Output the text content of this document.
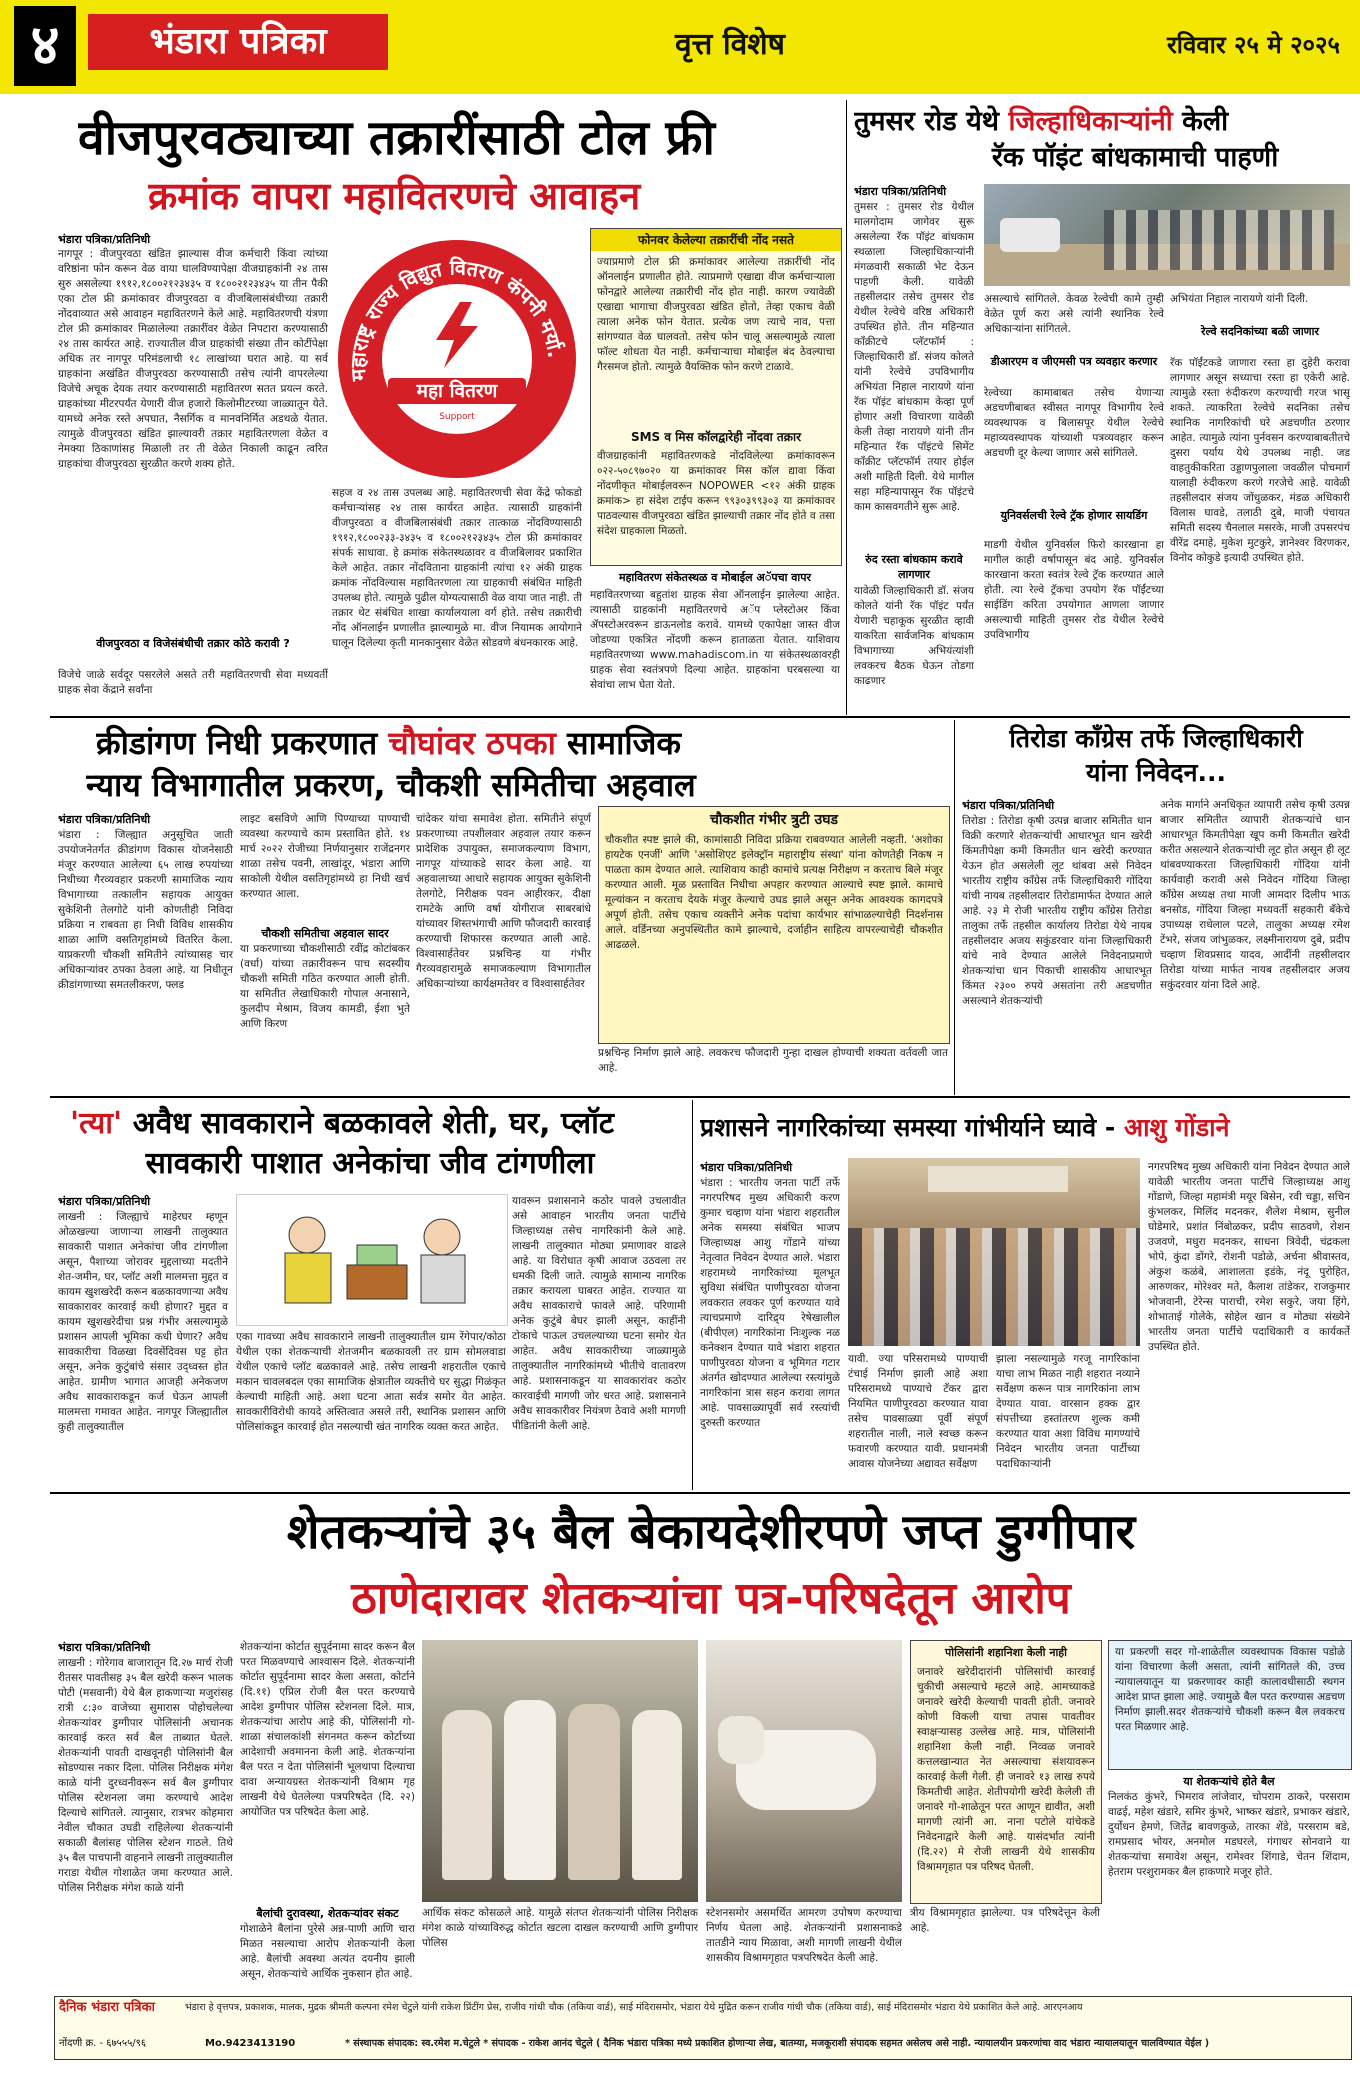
४	भंडारा पत्रिका	वृत्त विशेष	रविवार २५ मे २०२५
वीजपुरवठ्याच्या तक्रारींसाठी टोल फ्री
क्रमांक वापरा महावितरणचे आवाहन
भंडारा पत्रिका/प्रतिनिधी
नागपूर : वीजपुरवठा खंडित झाल्यास वीज कर्मचारी किंवा त्यांच्या वरिष्ठांना फोन करून वेळ वाया घालविण्यापेक्षा वीजग्राहकांनी २४ तास सुरु असलेल्या १९१२,१८००२१२३४३५ व १८००२१२३४३५ या तीन पैकी एका टोल फ्री क्रमांकावर वीजपुरवठा व वीजबिलासंबंधीच्या तक्रारी नोंदवाव्यात असे आवाहन महावितरणने केले आहे. महावितरणची यंत्रणा टोल फ्री क्रमांकावर मिळालेल्या तक्रारींवर वेळेत निपटारा करण्यासाठी २४ तास कार्यरत आहे. राज्यातील वीज ग्राहकांची संख्या तीन कोटींपेक्षा अधिक तर नागपूर परिमंडलाची १८ लाखांच्या घरात आहे. या सर्व ग्राहकांना अखंडित वीजपुरवठा करण्यासाठी तसेच त्यांनी वापरलेल्या विजेचे अचूक देयक तयार करण्यासाठी महावितरण सतत प्रयत्न करते. ग्राहकांच्या मीटरपर्यंत येणारी वीज हजारो किलोमीटरच्या जाळ्यातून येते. यामध्ये अनेक रस्ते अपघात, नैसर्गिक व मानवनिर्मित अडथळे येतात. त्यामुळे वीजपुरवठा खंडित झाल्यावरी तक्रार महावितरणला वेळेत व नेमक्या ठिकाणांसह मिळाली तर ती वेळेत निकाली काढून त्वरित ग्राहकांचा वीजपुरवठा सुरळीत करणे शक्य होते.
वीजपुरवठा व विजेसंबंधीची तक्रार कोठे करावी ?
विजेचे जाळे सर्वदूर पसरलेले असते तरी महावितरणची सेवा मध्यवर्ती ग्राहक सेवा केंद्राने सर्वांना
महाराष्ट्र राज्य विद्युत वितरण कंपनी मर्या.
महा वितरण
Support
सहज व २४ तास उपलब्ध आहे. महावितरणची सेवा केंद्रे फोकडो कर्मचाऱ्यांसह २४ तास कार्यरत आहेत. त्यासाठी ग्राहकांनी वीजपुरवठा व वीजबिलासंबंधी तक्रार तात्काळ नोंदविण्यासाठी १९१२,१८००२३३-३४३५ व १८००२१२३४३५ टोल फ्री क्रमांकावर संपर्क साधावा. हे क्रमांक संकेतस्थळावर व वीजबिलावर प्रकाशित केले आहेत. तक्रार नोंदविताना ग्राहकांनी त्यांचा १२ अंकी ग्राहक क्रमांक नोंदविल्यास महावितरणला त्या ग्राहकाची संबंधित माहिती उपलब्ध होते. त्यामुळे पुढील योग्यत्यासाठी वेळ वाया जात नाही. ती तक्रार थेट संबंधित शाखा कार्यालयाला वर्ग होते. तसेच तक्रारीची नोंद ऑनलाईन प्रणालीत झाल्यामुळे मा. वीज नियामक आयोगाने घालून दिलेल्या कृती मानकानुसार वेळेत सोडवणे बंधनकारक आहे.
फोनवर केलेल्या तक्रारींची नोंद नसते
ज्याप्रमाणे टोल फ्री क्रमांकावर आलेल्या तक्रारींची नोंद ऑनलाईन प्रणालीत होते. त्याप्रमाणे एखाद्या वीज कर्मचाऱ्याला फोनद्वारे आलेल्या तक्रारीची नोंद होत नाही. कारण ज्यावेळी एखाद्या भागाचा वीजपुरवठा खंडित होतो, तेव्हा एकाच वेळी त्याला अनेक फोन येतात. प्रत्येक जण त्याचे नाव, पत्ता सांगण्यात वेळ घालवतो. तसेच फोन चालू असल्यामुळे त्याला फॉल्ट शोधता येत नाही. कर्मचाऱ्याचा मोबाईल बंद ठेवल्याचा गैरसमज होतो. त्यामुळे वैयक्तिक फोन करणे टाळावे.
SMS व मिस कॉलद्वारेही नोंदवा तक्रार
वीजग्राहकांनी महावितरणकडे नोंदविलेल्या क्रमांकावरून ०२२-५०८९७०२० या क्रमांकावर मिस कॉल द्यावा किंवा नोंदणीकृत मोबाईलवरून NOPOWER <१२ अंकी ग्राहक क्रमांक> हा संदेश टाईप करून ९९३०३९९३०३ या क्रमांकावर पाठवल्यास वीजपुरवठा खंडित झाल्याची तक्रार नोंद होते व तसा संदेश ग्राहकाला मिळतो.
महावितरण संकेतस्थळ व मोबाईल अॅपचा वापर
महावितरणच्या बहुतांश ग्राहक सेवा ऑनलाईन झालेल्या आहेत. त्यासाठी ग्राहकांनी महावितरणचे अॅप प्लेस्टोअर किंवा ॲपस्टोअरवरून डाऊनलोड करावे. यामध्ये एकापेक्षा जास्त वीज जोडण्या एकत्रित नोंदणी करून हाताळता येतात. याशिवाय महावितरणच्या www.mahadiscom.in या संकेतस्थळावरही ग्राहक सेवा स्वतंत्रपणे दिल्या आहेत. ग्राहकांना घरबसल्या या सेवांचा लाभ घेता येतो.
तुमसर रोड येथे जिल्हाधिकाऱ्यांनी केली
रॅक पॉइंट बांधकामाची पाहणी
भंडारा पत्रिका/प्रतिनिधी
तुमसर : तुमसर रोड येथील मालगोदाम जागेवर सुरू असलेल्या रॅक पॉइंट बांधकाम स्थळाला जिल्हाधिकाऱ्यांनी मंगळवारी सकाळी भेट देऊन पाहणी केली. यावेळी तहसीलदार तसेच तुमसर रोड येथील रेल्वेचे वरिष्ठ अधिकारी उपस्थित होते. तीन महिन्यात कॉंक्रीटचे प्लॅटफॉर्म : जिल्हाधिकारी डॉ. संजय कोलते यांनी रेल्वेचे उपविभागीय अभियंता निहाल नारायणे यांना रॅक पॉइंट बांधकाम केव्हा पूर्ण होणार अशी विचारणा यावेळी केली तेव्हा नारायणे यांनी तीन महिन्यात रॅक पॉइंटचे सिमेंट कॉंक्रीट प्लॅटफॉर्म तयार होईल अशी माहिती दिली. येथे मागील सहा महिन्यापासून रॅक पॉइंटचे काम कासवगतीने सुरू आहे.
रुंद रस्ता बांधकाम करावे लागणार
यावेळी जिल्हाधिकारी डॉ. संजय कोलते यांनी रॅक पॉइंट पर्यंत येणारी चहाकूक सुरळीत व्हावी याकरिता सार्वजनिक बांधकाम विभागाच्या अभियंत्यांशी लवकरच बैठक घेऊन तोडगा काढणार
असल्याचे सांगितले. केवळ रेल्वेची कामे तुम्ही वेळेत पूर्ण करा असे त्यांनी स्थानिक रेल्वे अधिकाऱ्यांना सांगितले.
डीआरएम व जीएमसी पत्र व्यवहार करणार
रेल्वेच्या कामाबाबत तसेच येणाऱ्या अडचणीबाबत स्वीसत नागपूर विभागीय रेल्वे व्यवस्थापक व बिलासपूर येथील रेल्वेचे महाव्यवस्थापक यांच्याशी पत्रव्यवहार करून अडचणी दूर केल्या जाणार असे सांगितले.
युनिवर्सलची रेल्वे ट्रॅक होणार सायडिंग
माडगी येथील युनिवर्सल फिरो कारखाना हा मागील काही वर्षापासून बंद आहे. युनिवर्सल कारखाना करता स्वतंत्र रेल्वे ट्रॅक करण्यात आले होती. त्या रेल्वे ट्रॅकचा उपयोग रॅक पॉईंटच्या साईडिंग करिता उपयोगात आणला जाणार असल्याची माहिती तुमसर रोड येथील रेल्वेचे उपविभागीय
अभियंता निहाल नारायणे यांनी दिली.
रेल्वे सदनिकांच्या बळी जाणार
रॅक पॉईंटकडे जाणारा रस्ता हा दुहेरी करावा लागणार असून सध्याचा रस्ता हा एकेरी आहे. त्यामुळे रस्ता रुंदीकरण करण्याची गरज भासू शकते. त्याकरिता रेल्वेचे सदनिका तसेच स्थानिक नागरिकांची घरे अडचणीत ठरणार आहेत. त्यामुळे त्यांना पुर्नवसन करण्याबाबतीतचे दुसरा पर्याय येथे उपलब्ध नाही. जड वाहतुकीकरिता उड्डाणपुलाला जवळील पोचमार्ग यालाही रुंदीकरण करणे गरजेचे आहे. यावेळी तहसीलदार संजय जोंधुळकर, मंडळ अधिकारी विलास घावडे, तलाठी दुबे, माजी पंचायत समिती सदस्य चैनलाल मसरके, माजी उपसरपंच वीरेंद्र दमाहे, मुकेश मुटकुरे, ज्ञानेश्वर विरणकर, विनोद कोकुडे इत्यादी उपस्थित होते.
क्रीडांगण निधी प्रकरणात चौघांवर ठपका सामाजिक
न्याय विभागातील प्रकरण, चौकशी समितीचा अहवाल
भंडारा पत्रिका/प्रतिनिधी
भंडारा : जिल्ह्यात अनुसूचित जाती उपयोजनेतर्गत क्रीडांगण विकास योजनेसाठी मंजूर करण्यात आलेल्या ६५ लाख रुपयांच्या निधीच्या गैरव्यवहार प्रकरणी सामाजिक न्याय विभागाच्या तत्कालीन सहायक आयुक्त सुकेशिनी तेलगोटे यांनी कोणतीही निविदा प्रक्रिया न राबवता हा निधी विविध शासकीय शाळा आणि वसतिगृहांमध्ये वितरित केला. याप्रकरणी चौकशी समितीने त्यांच्यासह चार अधिकाऱ्यांवर ठपका ठेवला आहे. या निधीतून क्रीडांगणाच्या समतलीकरण, फ्लड
लाइट बसविणे आणि पिण्याच्या पाण्याची व्यवस्था करण्याचे काम प्रस्तावित होते. १४ मार्च २०२२ रोजीच्या निर्णयानुसार राजेंद्रनगर शाळा तसेच पवनी, लाखांदूर, भंडारा आणि साकोली येथील वसतिगृहांमध्ये हा निधी खर्च करण्यात आला.
चौकशी समितीचा अहवाल सादर
या प्रकरणाच्या चौकशीसाठी रवींद्र कोटांबकर (वर्धा) यांच्या तक्रारीवरून पाच सदस्यीय चौकशी समिती गठित करण्यात आली होती. या समितीत लेखाधिकारी गोपाल अनासाने, कुलदीप मेश्राम, विजय कामडी, ईशा भुते आणि किरण
चांदेकर यांचा समावेश होता. समितीने संपूर्ण प्रकरणाच्या तपशीलवार अहवाल तयार करून प्रादेशिक उपायुक्त, समाजकल्याण विभाग, नागपूर यांच्याकडे सादर केला आहे. या अहवालाच्या आधारे सहायक आयुक्त सुकेशिनी तेलगोटे, निरीक्षक पवन आहीरकर, दीक्षा रामटेके आणि वर्षा योगीराज साबरबांधे यांच्यावर शिस्तभंगाची आणि फौजदारी कारवाई करण्याची शिफारस करण्यात आली आहे. विश्वासार्हतेवर प्रश्नचिन्ह या गंभीर गैरव्यवहारामुळे समाजकल्याण विभागातील अधिकाऱ्यांच्या कार्यक्षमतेवर व विश्वासार्हतेवर
चौकशीत गंभीर त्रुटी उघड
चौकशीत स्पष्ट झाले की, कामांसाठी निविदा प्रक्रिया राबवण्यात आलेली नव्हती. 'अशोका हायटेक एनर्जी' आणि 'असोशिएट इलेक्ट्रॉन महाराष्ट्रीय संस्था' यांना कोणतेही निकष न पाळता काम देण्यात आले. त्याशिवाय काही कामांचे प्रत्यक्ष निरीक्षण न करताच बिले मंजूर करण्यात आली. मूळ प्रस्तावित निधीचा अपहार करण्यात आल्याचे स्पष्ट झाले. कामाचे मूल्यांकन न करताच देयके मंजूर केल्याचे उघड झाले असून अनेक आवश्यक कागदपत्रे अपूर्ण होती. तसेच एकाच व्यक्तीने अनेक पदांचा कार्यभार सांभाळल्याचेही निदर्शनास आले. वर्डिनच्या अनुपस्थितीत कामे झाल्याचे, दर्जाहीन साहित्य वापरल्याचेही चौकशीत आढळले.
प्रश्नचिन्ह निर्माण झाले आहे. लवकरच फौजदारी गुन्हा दाखल होण्याची शक्यता वर्तवली जात आहे.
तिरोडा काँग्रेस तर्फे जिल्हाधिकारी
यांना निवेदन...
भंडारा पत्रिका/प्रतिनिधी
तिरोडा : तिरोडा कृषी उत्पन्न बाजार समितीत धान विक्री करणारे शेतकऱ्यांची आधारभूत धान खरेदी किंमतीपेक्षा कमी किमतीत धान खरेदी करण्यात येऊन होत असलेली लूट थांबवा असे निवेदन भारतीय राष्ट्रीय काँग्रेस तर्फे जिल्हाधिकारी गोंदिया यांची नायब तहसीलदार तिरोडामार्फत देण्यात आले आहे. २३ मे रोजी भारतीय राष्ट्रीय काँग्रेस तिरोडा तालुका तर्फे तहसील कार्यालय तिरोडा येथे नायब तहसीलदार अजय सकुंडरवार यांना जिल्हाधिकारी यांचे नावे देण्यात आलेले निवेदनाप्रमाणे शेतकऱ्यांचा धान पिकाची शासकीय आधारभूत किंमत २३०० रुपये असतांना तरी अडचणीत असल्याने शेतकऱ्यांची
अनेक मार्गाने अनधिकृत व्यापारी तसेच कृषी उत्पन्न बाजार समितीत व्यापारी शेतकऱ्यांचे धान आधारभूत किमतीपेक्षा खूप कमी किमतीत खरेदी करीत असल्याने शेतकऱ्यांची लूट होत असून ही लूट थांबवण्याकरता जिल्हाधिकारी गोंदिया यांनी कार्यवाही करावी असे निवेदन गोंदिया जिल्हा काँग्रेस अध्यक्ष तथा माजी आमदार दिलीप भाऊ बनसोड, गोंदिया जिल्हा मध्यवर्ती सहकारी बँकेचे उपाध्यक्ष राधेलाल पटले, तालुका अध्यक्ष रमेश टेंभरे, संजय जांभुळकर, लक्ष्मीनारायण दुबे, प्रदीप चव्हाण शिवप्रसाद यादव, आदींनी तहसीलदार तिरोडा यांच्या मार्फत नायब तहसीलदार अजय सकुंदरवार यांना दिले आहे.
'त्या' अवैध सावकाराने बळकावले शेती, घर, प्लॉट
सावकारी पाशात अनेकांचा जीव टांगणीला
भंडारा पत्रिका/प्रतिनिधी
लाखनी : जिल्ह्याचे माहेरघर म्हणून ओळखल्या जाणाऱ्या लाखनी तालुक्यात सावकारी पाशात अनेकांचा जीव टांगणीला असून, पैशाच्या जोरावर मुद्दलाच्या मदतीने शेत-जमीन, घर, प्लॉट अशी मालमत्ता मुद्दत व कायम खुशखरेदी करून बळकावणाऱ्या अवैध सावकारावर कारवाई कधी होणार? मुद्दत व कायम खुशखरेदीचा प्रश्न गंभीर असल्यामुळे प्रशासन आपली भूमिका कधी घेणार? अवैध सावकारीचा विळखा दिवसेंदिवस घट्ट होत असून, अनेक कुटुंबांचे संसार उद्ध्वस्त होत आहेत. ग्रामीण भागात आजही अनेकजण अवैध सावकाराकडून कर्ज घेऊन आपली मालमत्ता गमावत आहेत. नागपूर जिल्ह्यातील कुही तालुक्यातील
एका गावच्या अवैध सावकाराने लाखनी तालुक्यातील ग्राम रेंगेपार/कोठा येथील एका शेतकऱ्याची शेतजमीन बळकावली तर ग्राम सोमलवाडा येथील एकाचे प्लॉट बळकावले आहे. तसेच लाखनी शहरातील एकाचे मकान चावलबदल एका सामाजिक क्षेत्रातील व्यक्तीचे घर सुद्धा गिळंकृत केल्याची माहिती आहे. अशा घटना आता सर्वत्र समोर येत आहेत. सावकारीविरोधी कायदे अस्तित्वात असले तरी, स्थानिक प्रशासन आणि पोलिसांकडून कारवाई होत नसल्याची खंत नागरिक व्यक्त करत आहेत.
यावरून प्रशासनाने कठोर पावले उचलावीत असे आवाहन भारतीय जनता पार्टीचे जिल्हाध्यक्ष तसेच नागरिकांनी केले आहे. लाखनी तालुक्यात मोठ्या प्रमाणावर वाढले आहे. या विरोधात कृषी आवाज उठवला तर धमकी दिली जाते. त्यामुळे सामान्य नागरिक तक्रार करायला घाबरत आहेत. राज्यात या अवैध सावकाराचे फावले आहे. परिणामी अनेक कुटुंबे बेघर झाली असून, काहींनी टोकाचे पाऊल उचलल्याच्या घटना समोर येत आहेत. अवैध सावकारीच्या जाळ्यामुळे तालुक्यातील नागरिकांमध्ये भीतीचे वातावरण आहे. प्रशासनाकडून या सावकारांवर कठोर कारवाईची मागणी जोर धरत आहे. प्रशासनाने अवैध सावकारीवर नियंत्रण ठेवावे अशी मागणी पीडितांनी केली आहे.
प्रशासने नागरिकांच्या समस्या गांभीर्याने घ्यावे - आशु गोंडाने
भंडारा पत्रिका/प्रतिनिधी
भंडारा : भारतीय जनता पार्टी तर्फे नगरपरिषद मुख्य अधिकारी करण कुमार चव्हाण यांना भंडारा शहरातील अनेक समस्या संबंधित भाजप जिल्हाध्यक्ष आशु गोंडाने यांच्या नेतृत्वात निवेदन देण्यात आले. भंडारा शहरामध्ये नागरिकांच्या मूलभूत सुविधा संबंधित पाणीपुरवठा योजना लवकरात लवकर पूर्ण करण्यात यावे त्याचप्रमाणे दारिद्र्य रेषेखालील (बीपीएल) नागरिकांना निःशुल्क नळ कनेक्शन देण्यात यावे भंडारा शहरात पाणीपुरवठा योजना व भूमिगत गटार अंतर्गत खोदण्यात आलेल्या रस्त्यांमुळे नागरिकांना त्रास सहन करावा लागत आहे. पावसाळ्यापूर्वी सर्व रस्त्यांची दुरुस्ती करण्यात
यावी. ज्या परिसरामध्ये पाण्याची टंचाई निर्माण झाली आहे अशा परिसरामध्ये पाण्याचे टँकर द्वारा नियमित पाणीपुरवठा करण्यात यावा तसेच पावसाळ्या पूर्वी संपूर्ण शहरातील नाली, नाले स्वच्छ करून फवारणी करण्यात यावी. प्रधानमंत्री आवास योजनेच्या अद्यावत सर्वेक्षण
झाला नसल्यामुळे गरजू नागरिकांना याचा लाभ मिळत नाही शहरात नव्याने सर्वेक्षण करून पात्र नागरिकांना लाभ देण्यात यावा. वारसान हक्क द्वार संपत्तीच्या हस्तांतरण शुल्क कमी करण्यात यावा अशा विविध मागण्यांचे निवेदन भारतीय जनता पार्टीच्या पदाधिकाऱ्यांनी
नगरपरिषद मुख्य अधिकारी यांना निवेदन देण्यात आले यावेळी भारतीय जनता पार्टीचे जिल्हाध्यक्ष आशु गोंडाणे, जिल्हा महामंत्री मयूर बिसेन, रवी चड्डा, सचिन कुंभलकर, मिलिंद मदनकर, शैलेश मेश्राम, सुनील घोडेमारे, प्रशांत निंबोळकर, प्रदीप साठवणे, रोशन उजवणे, मधुरा मदनकर, साधना त्रिवेदी, चंद्रकला भोपे, कुंदा डोंगरे, रोशनी पडोळे, अर्चना श्रीवास्तव, अंकुश कळंबे, आशालता इडंके, नंदू पुरोहित, आरुणकर, मोरेश्वर मते, कैलाश तांडेकर, राजकुमार भोजवानी, टेरेन्स पाराची, रमेश सकुरे, जया हिंगे, शोभाताई गोलेके, सोहेल खान व मोठ्या संख्येने भारतीय जनता पार्टीचे पदाधिकारी व कार्यकर्ते उपस्थित होते.
शेतकऱ्यांचे ३५ बैल बेकायदेशीरपणे जप्त डुग्गीपार
ठाणेदारावर शेतकऱ्यांचा पत्र-परिषदेतून आरोप
भंडारा पत्रिका/प्रतिनिधी
लाखनी : गोरेगाव बाजारातून दि.२७ मार्च रोजी रीतसर पावतीसह ३५ बैल खरेदी करून भालक पोटी (मसवानी) येथे बैल हाकणाऱ्या मजुरांसह रात्री ८:३० वाजेच्या सुमारास पोहोचलेल्या शेतकऱ्यांवर डुग्गीपार पोलिसांनी अचानक कारवाई करत सर्व बैल ताब्यात घेतले. शेतकऱ्यांनी पावती दाखवूनही पोलिसांनी बैल सोडण्यास नकार दिला. पोलिस निरीक्षक मंगेश काळे यांनी दुरध्वनीवरून सर्व बैल डुग्गीपार पोलिस स्टेशनला जमा करण्याचे आदेश दिल्याचे सांगितले. त्यानुसार, रात्रभर कोहमारा नेवील चौकात उघडी राहिलेल्या शेतकऱ्यांनी सकाळी बैलांसह पोलिस स्टेशन गाठले. तिथे ३५ बैल पाचपानी वाहनाने लाखनी तालुक्यातील गराडा येथील गोशाळेत जमा करण्यात आले. पोलिस निरीक्षक मंगेश काळे यांनी
शेतकऱ्यांना कोर्टात सुपूर्दनामा सादर करून बैल परत मिळवण्याचे आश्वासन दिले. शेतकऱ्यांनी कोर्टात सुपूर्दनामा सादर केला असता, कोर्टाने (दि.११) एप्रिल रोजी बैल परत करण्याचे आदेश डुग्गीपार पोलिस स्टेशनला दिले. मात्र, शेतकऱ्यांचा आरोप आहे की, पोलिसांनी गो-शाळा संचालकांशी संगनमत करून कोर्टाच्या आदेशाची अवमानना केली आहे. शेतकऱ्यांना बैल परत न देता पोलिसांनी भूलथापा दिल्याचा दावा अन्यायग्रस्त शेतकऱ्यांनी विश्राम गृह लाखनी येथे घेतलेल्या पत्रपरिषदेत (दि. २२) आयोजित पत्र परिषदेत केला आहे.
बैलांची दुरावस्था, शेतकऱ्यांवर संकट
गोशाळेने बैलांना पुरेसे अन्न-पाणी आणि चारा मिळत नसल्याचा आरोप शेतकऱ्यांनी केला आहे. बैलांची अवस्था अत्यंत दयनीय झाली असून, शेतकऱ्यांचे आर्थिक नुकसान होत आहे.
आर्थिक संकट कोसळले आहे. यामुळे संतप्त शेतकऱ्यांनी पोलिस निरीक्षक मंगेश काळे यांच्याविरुद्ध कोर्टात खटला दाखल करण्याची आणि डुग्गीपार पोलिस
स्टेशनसमोर असमर्थित आमरण उपोषण करण्याचा निर्णय घेतला आहे. शेतकऱ्यांनी प्रशासनाकडे तातडीने न्याय मिळावा, अशी मागणी लाखनी येथील शासकीय विश्रामगृहात पत्रपरिषदेत केली आहे.
पोलिसांनी शहानिशा केली नाही
जनावरे खरेदीदारांनी पोलिसांची कारवाई चुकीची असल्याचे म्हटले आहे. आमच्याकडे जनावरे खरेदी केल्याची पावती होती. जनावरे कोणी विकली याचा तपास पावतीवर स्वाक्षऱ्यासह उल्लेख आहे. मात्र, पोलिसांनी शहानिशा केली नाही. निव्वळ जनावरे कत्तलखान्यात नेत असल्याचा संशयावरून कारवाई केली गेली. ही जनावरे १३ लाख रुपये किमतीची आहेत. शेतीपयोगी खरेदी केलेली ती जनावरे गो-शाळेतून परत आणून द्यावीत, अशी मागणी त्यांनी आ. नाना पटोले यांचेकडे निवेदनाद्वारे केली आहे. यासंदर्भात त्यांनी (दि.२२) मे रोजी लाखनी येथे शासकीय विश्रामगृहात पत्र परिषद घेतली.
त्रीय विश्रामगृहात झालेल्या. पत्र परिषदेत्तून केली आहे.
या प्रकरणी सदर गो-शाळेतील व्यवस्थापक विकास पडोळे यांना विचारणा केली असता, त्यांनी सांगितले की, उच्च न्यायालयातून या प्रकरणावर काही कालावधीसाठी स्थगन आदेश प्राप्त झाला आहे. ज्यामुळे बैल परत करण्यास अडचण निर्माण झाली.सदर शेतकऱ्यांचे चौकशी करून बैल लवकरच परत मिळणार आहे.
या शेतकऱ्यांचे होते बैल
निलकंठ कुंभरे, भिमराव लांजेवार, चोपराम ठाकरे, परसराम वाढई, महेश खंडारे, समिर कुंभरे, भाष्कर खंडारे, प्रभाकर खंडारे, दुर्योधन हेमणे, जितेंद्र बावणकुळे, तारका शेंडे, परसराम बडे, रामप्रसाद भोयर, अनमोल मडघरले, गंगाधर सोनवाने या शेतकऱ्यांचा समावेश असून, रामेश्वर शिंगाडे, चेतन शिंदाम, हेतराम परशुरामकर बैल हाकणारे मजूर होते.
दैनिक भंडारा पत्रिका
नोंदणी क्र. - ६७५५५/९६	Mo.9423413190
भंडारा हे वृत्तपत्र, प्रकाशक, मालक, मुद्रक श्रीमती कल्पना रमेश चेटुले यांनी राकेश प्रिंटींग प्रेस, राजीव गांधी चौक (तकिया वार्ड), साई मंदिरासमोर, भंडारा येथे मुद्रित करून राजीव गांधी चौक (तकिया वार्ड), साई मंदिरासमोर भंडारा येथे प्रकाशित केले आहे. आरएनआय
* संस्थापक संपादक: स्व.रमेश म.चेटुले * संपादक - राकेश आनंद चेटुले ( दैनिक भंडारा पत्रिका मध्ये प्रकाशित होणाऱ्या लेख, बातम्या, मजकूराशी संपादक सहमत असेलच असे नाही. न्यायालयीन प्रकरणांचा वाद भंडारा न्यायालयातून चालविण्यात येईल )
